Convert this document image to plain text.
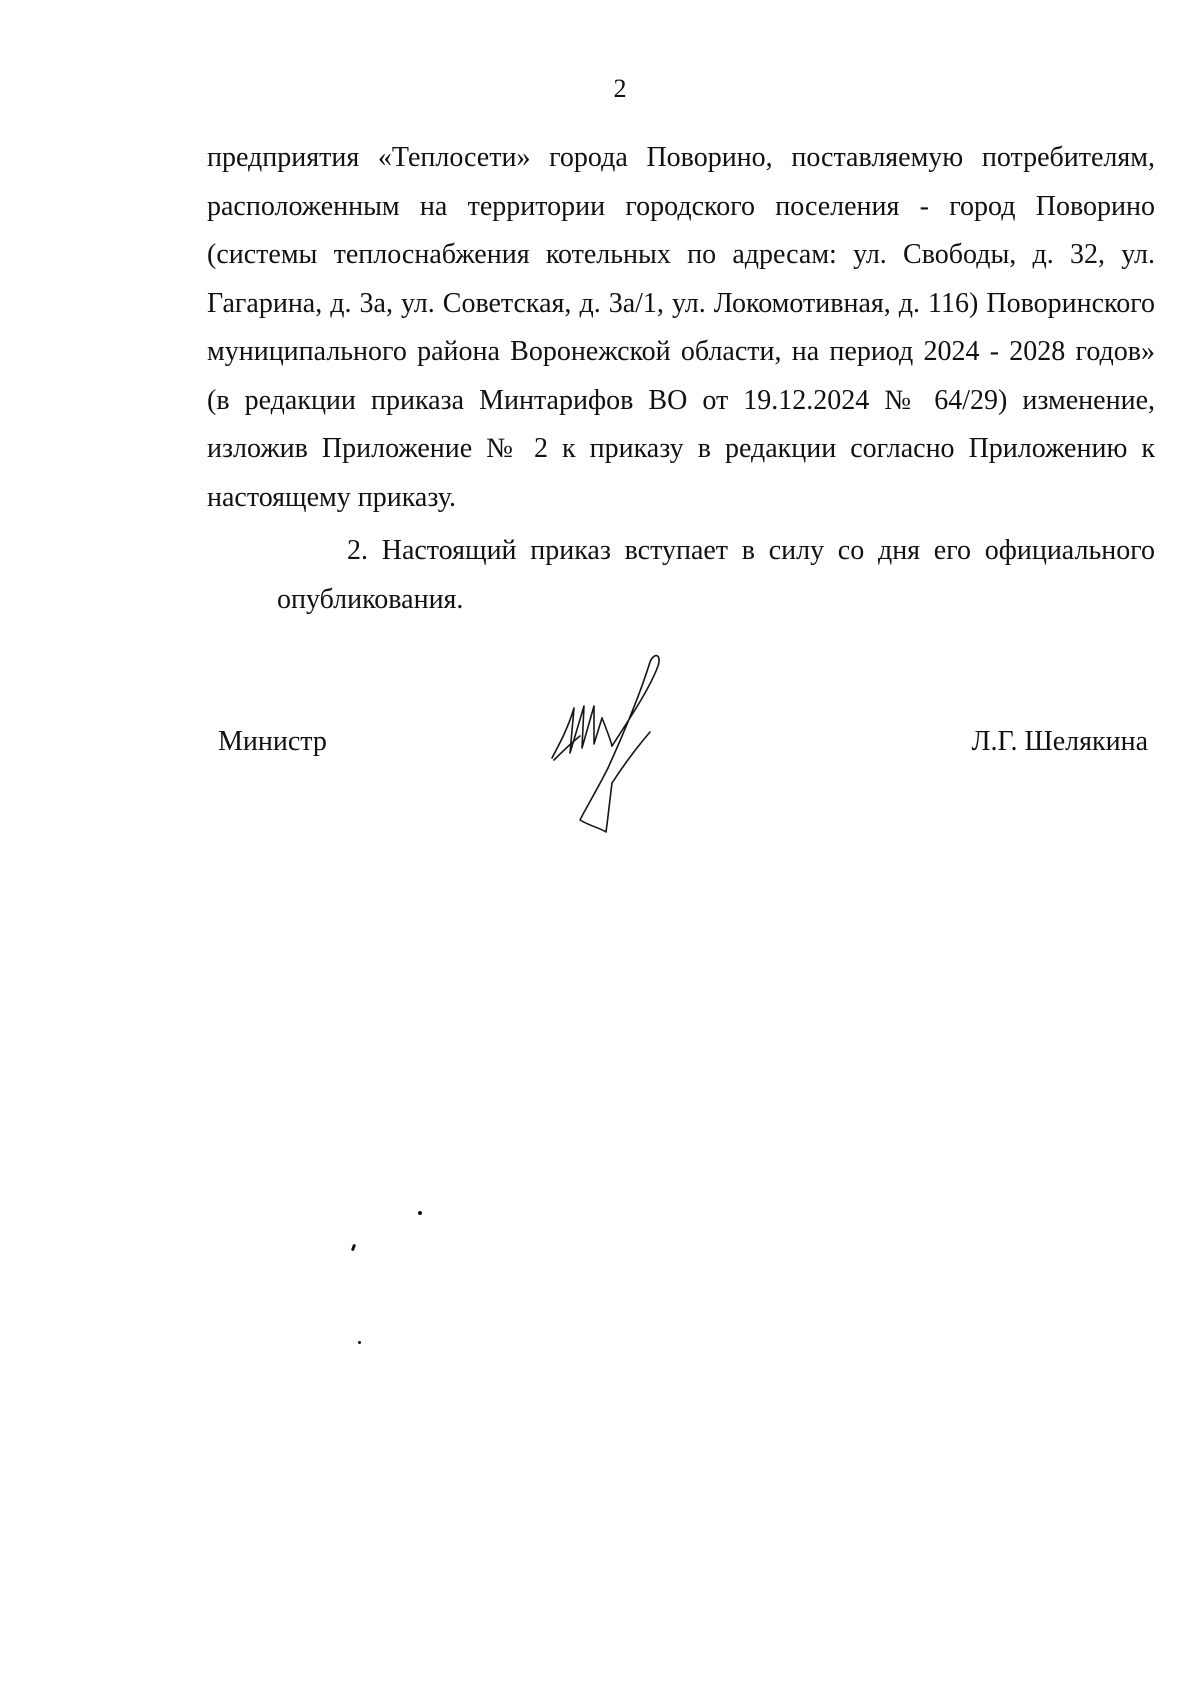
2
предприятия «Теплосети» города Поворино, поставляемую потребителям,
расположенным на территории городского поселения - город Поворино
(системы теплоснабжения котельных по адресам: ул. Свободы, д. 32, ул.
Гагарина, д. 3а, ул. Советская, д. 3а/1, ул. Локомотивная, д. 116) Поворинского
муниципального района Воронежской области, на период 2024 - 2028 годов»
(в редакции приказа Минтарифов ВО от 19.12.2024 № 64/29) изменение,
изложив Приложение № 2 к приказу в редакции согласно Приложению к
настоящему приказу.
2. Настоящий приказ вступает в силу со дня его официального
опубликования.
Министр	Л.Г. Шелякина
